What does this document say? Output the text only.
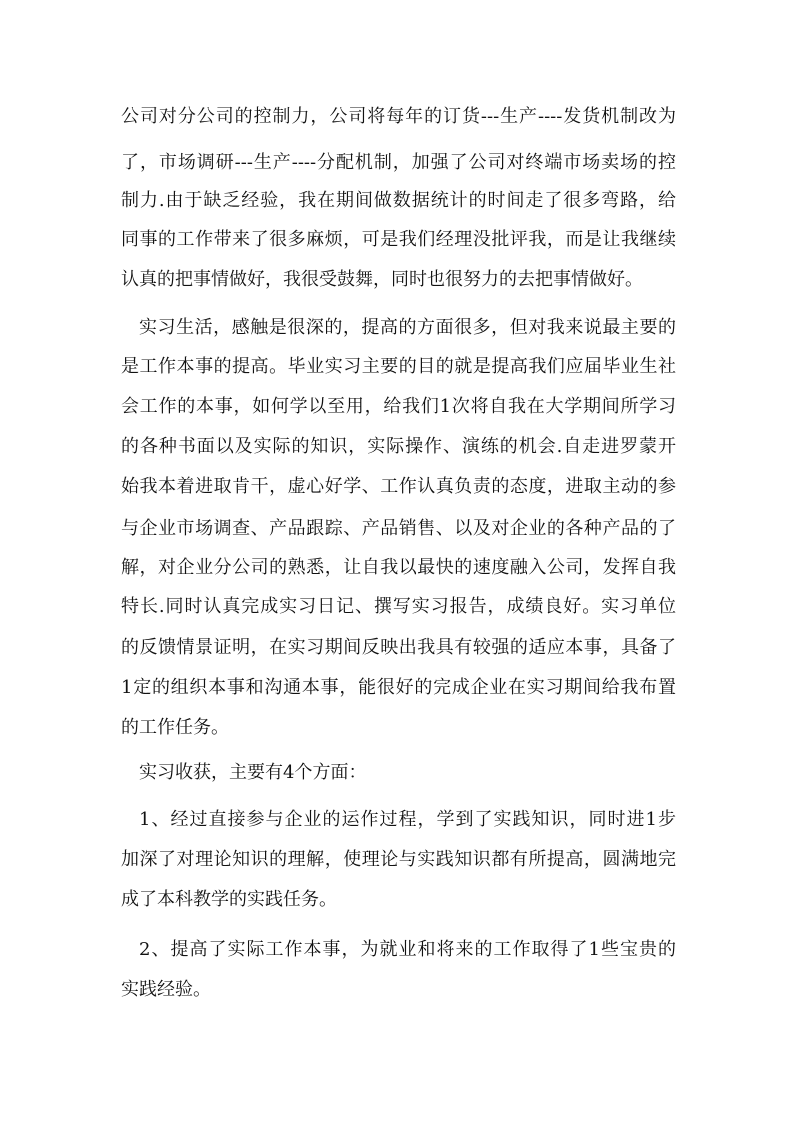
公司对分公司的控制力，公司将每年的订货---生产----发货机制改为
了，市场调研---生产----分配机制，加强了公司对终端市场卖场的控
制力.由于缺乏经验，我在期间做数据统计的时间走了很多弯路，给
同事的工作带来了很多麻烦，可是我们经理没批评我，而是让我继续
认真的把事情做好，我很受鼓舞，同时也很努力的去把事情做好。
实习生活，感触是很深的，提高的方面很多，但对我来说最主要的
是工作本事的提高。毕业实习主要的目的就是提高我们应届毕业生社
会工作的本事，如何学以至用，给我们1次将自我在大学期间所学习
的各种书面以及实际的知识，实际操作、演练的机会.自走进罗蒙开
始我本着进取肯干，虚心好学、工作认真负责的态度，进取主动的参
与企业市场调查、产品跟踪、产品销售、以及对企业的各种产品的了
解，对企业分公司的熟悉，让自我以最快的速度融入公司，发挥自我
特长.同时认真完成实习日记、撰写实习报告，成绩良好。实习单位
的反馈情景证明，在实习期间反映出我具有较强的适应本事，具备了
1定的组织本事和沟通本事，能很好的完成企业在实习期间给我布置
的工作任务。
实习收获，主要有4个方面：
1、经过直接参与企业的运作过程，学到了实践知识，同时进1步
加深了对理论知识的理解，使理论与实践知识都有所提高，圆满地完
成了本科教学的实践任务。
2、提高了实际工作本事，为就业和将来的工作取得了1些宝贵的
实践经验。
